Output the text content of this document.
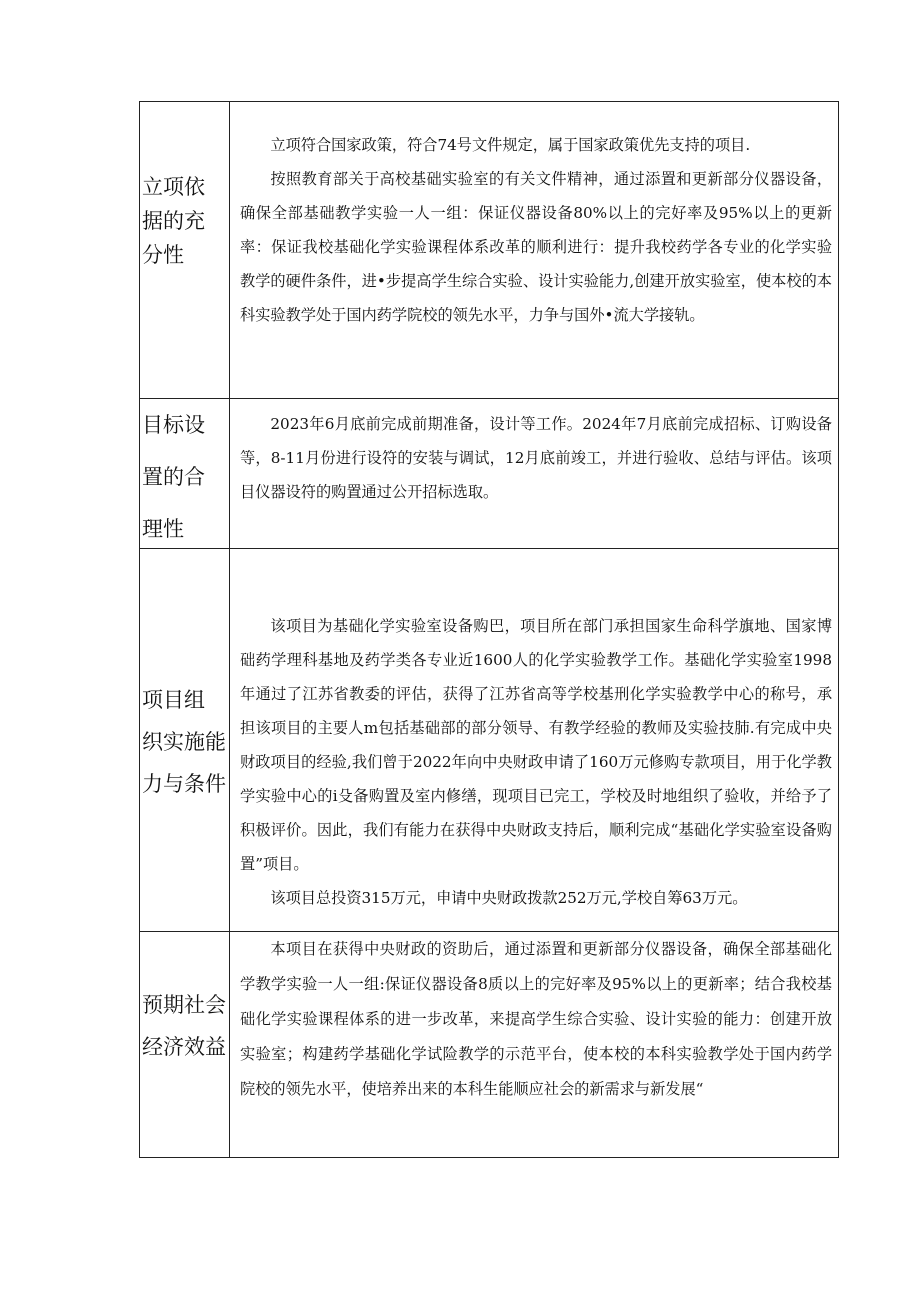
立项依
据的充
分性

立项符合国家政策，符合74号文件规定，属于国家政策优先支持的项目.

按照教育部关于高校基础实验室的有关文件精神，通过添置和更新部分仪器设备，确保全部基础教学实验一人一组：保证仪器设备80%以上的完好率及95%以上的更新率：保证我校基础化学实验课程体系改革的顺利进行：提升我校药学各专业的化学实验教学的硬件条件，进•步提高学生综合实验、设计实验能力,创建开放实验室，使本校的本科实验教学处于国内药学院校的领先水平，力争与国外•流大学接轨。

目标设
置的合
理性

2023年6月底前完成前期准备，设计等工作。2024年7月底前完成招标、订购设备等，8-11月份进行设符的安装与调试，12月底前竣工，并进行验收、总结与评估。该项目仪器设符的购置通过公开招标选取。

项目组
织实施能
力与条件

该项目为基础化学实验室设备购巴，项目所在部门承担国家生命科学旗地、国家博础药学理科基地及药学类各专业近1600人的化学实验教学工作。基础化学实验室1998年通过了江苏省教委的评估，获得了江苏省高等学校基刑化学实验教学中心的称号，承担该项目的主要人m包括基础部的部分领导、有教学经验的教师及实验技肺.有完成中央财政项目的经验,我们曾于2022年向中央财政申请了160万元修购专款项目，用于化学教学实验中心的i殳备购置及室内修缮，现项目已完工，学校及时地组织了验收，并给予了积极评价。因此，我们有能力在获得中央财政支持后，顺利完成“基础化学实验室设备购置”项目。

该项目总投资315万元，申请中央财政拨款252万元,学校自筹63万元。

预期社会
经济效益

本项目在获得中央财政的资助后，通过添置和更新部分仪器设备，确保全部基础化学教学实验一人一组:保证仪器设备8质以上的完好率及95%以上的更新率；结合我校基础化学实验课程体系的进一步改革，来提高学生综合实验、设计实验的能力：创建开放实验室；构建药学基础化学试险教学的示范平台，使本校的本科实验教学处于国内药学院校的领先水平，使培养出来的本科生能顺应社会的新需求与新发展“
